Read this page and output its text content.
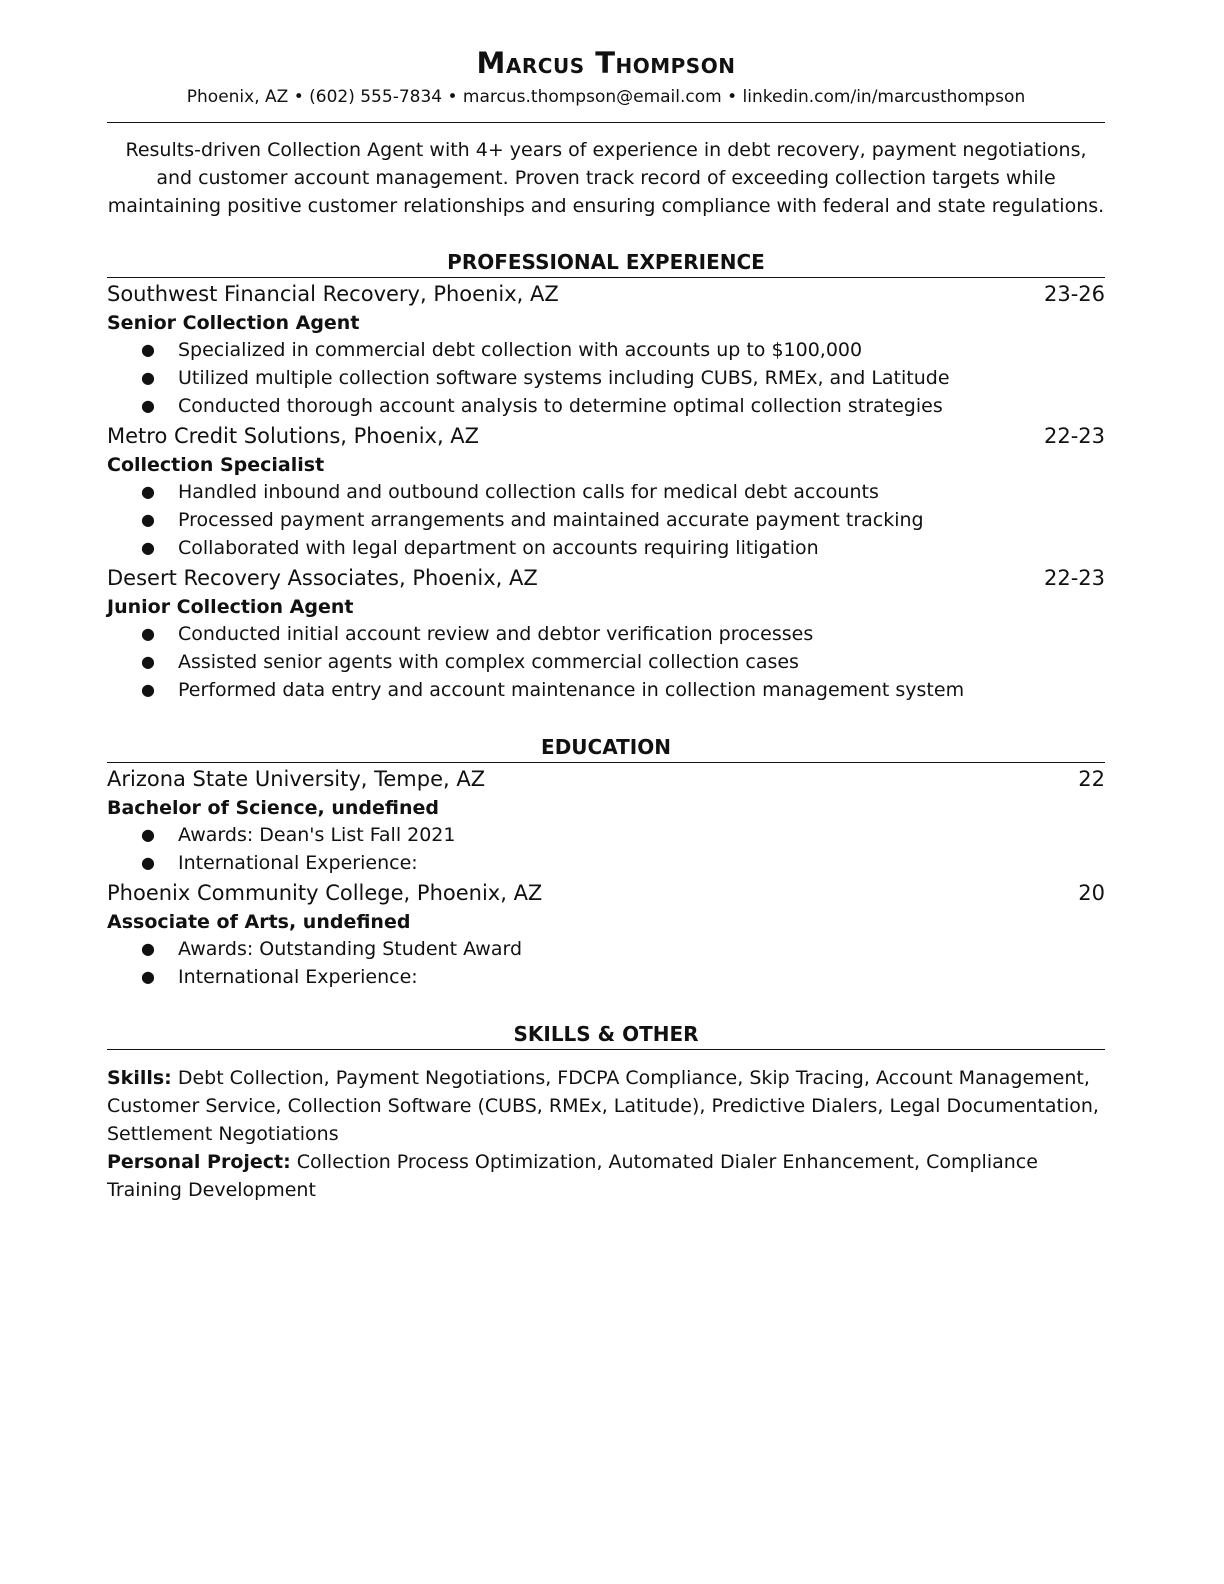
Marcus Thompson
Phoenix, AZ • (602) 555-7834 • marcus.thompson@email.com • linkedin.com/in/marcusthompson
Results-driven Collection Agent with 4+ years of experience in debt recovery, payment negotiations, and customer account management. Proven track record of exceeding collection targets while maintaining positive customer relationships and ensuring compliance with federal and state regulations.
PROFESSIONAL EXPERIENCE
Southwest Financial Recovery, Phoenix, AZ	23-26
Senior Collection Agent
● Specialized in commercial debt collection with accounts up to $100,000
● Utilized multiple collection software systems including CUBS, RMEx, and Latitude
● Conducted thorough account analysis to determine optimal collection strategies
Metro Credit Solutions, Phoenix, AZ	22-23
Collection Specialist
● Handled inbound and outbound collection calls for medical debt accounts
● Processed payment arrangements and maintained accurate payment tracking
● Collaborated with legal department on accounts requiring litigation
Desert Recovery Associates, Phoenix, AZ	22-23
Junior Collection Agent
● Conducted initial account review and debtor verification processes
● Assisted senior agents with complex commercial collection cases
● Performed data entry and account maintenance in collection management system
EDUCATION
Arizona State University, Tempe, AZ	22
Bachelor of Science, undefined
● Awards: Dean's List Fall 2021
● International Experience:
Phoenix Community College, Phoenix, AZ	20
Associate of Arts, undefined
● Awards: Outstanding Student Award
● International Experience:
SKILLS & OTHER
Skills: Debt Collection, Payment Negotiations, FDCPA Compliance, Skip Tracing, Account Management, Customer Service, Collection Software (CUBS, RMEx, Latitude), Predictive Dialers, Legal Documentation, Settlement Negotiations
Personal Project: Collection Process Optimization, Automated Dialer Enhancement, Compliance Training Development
